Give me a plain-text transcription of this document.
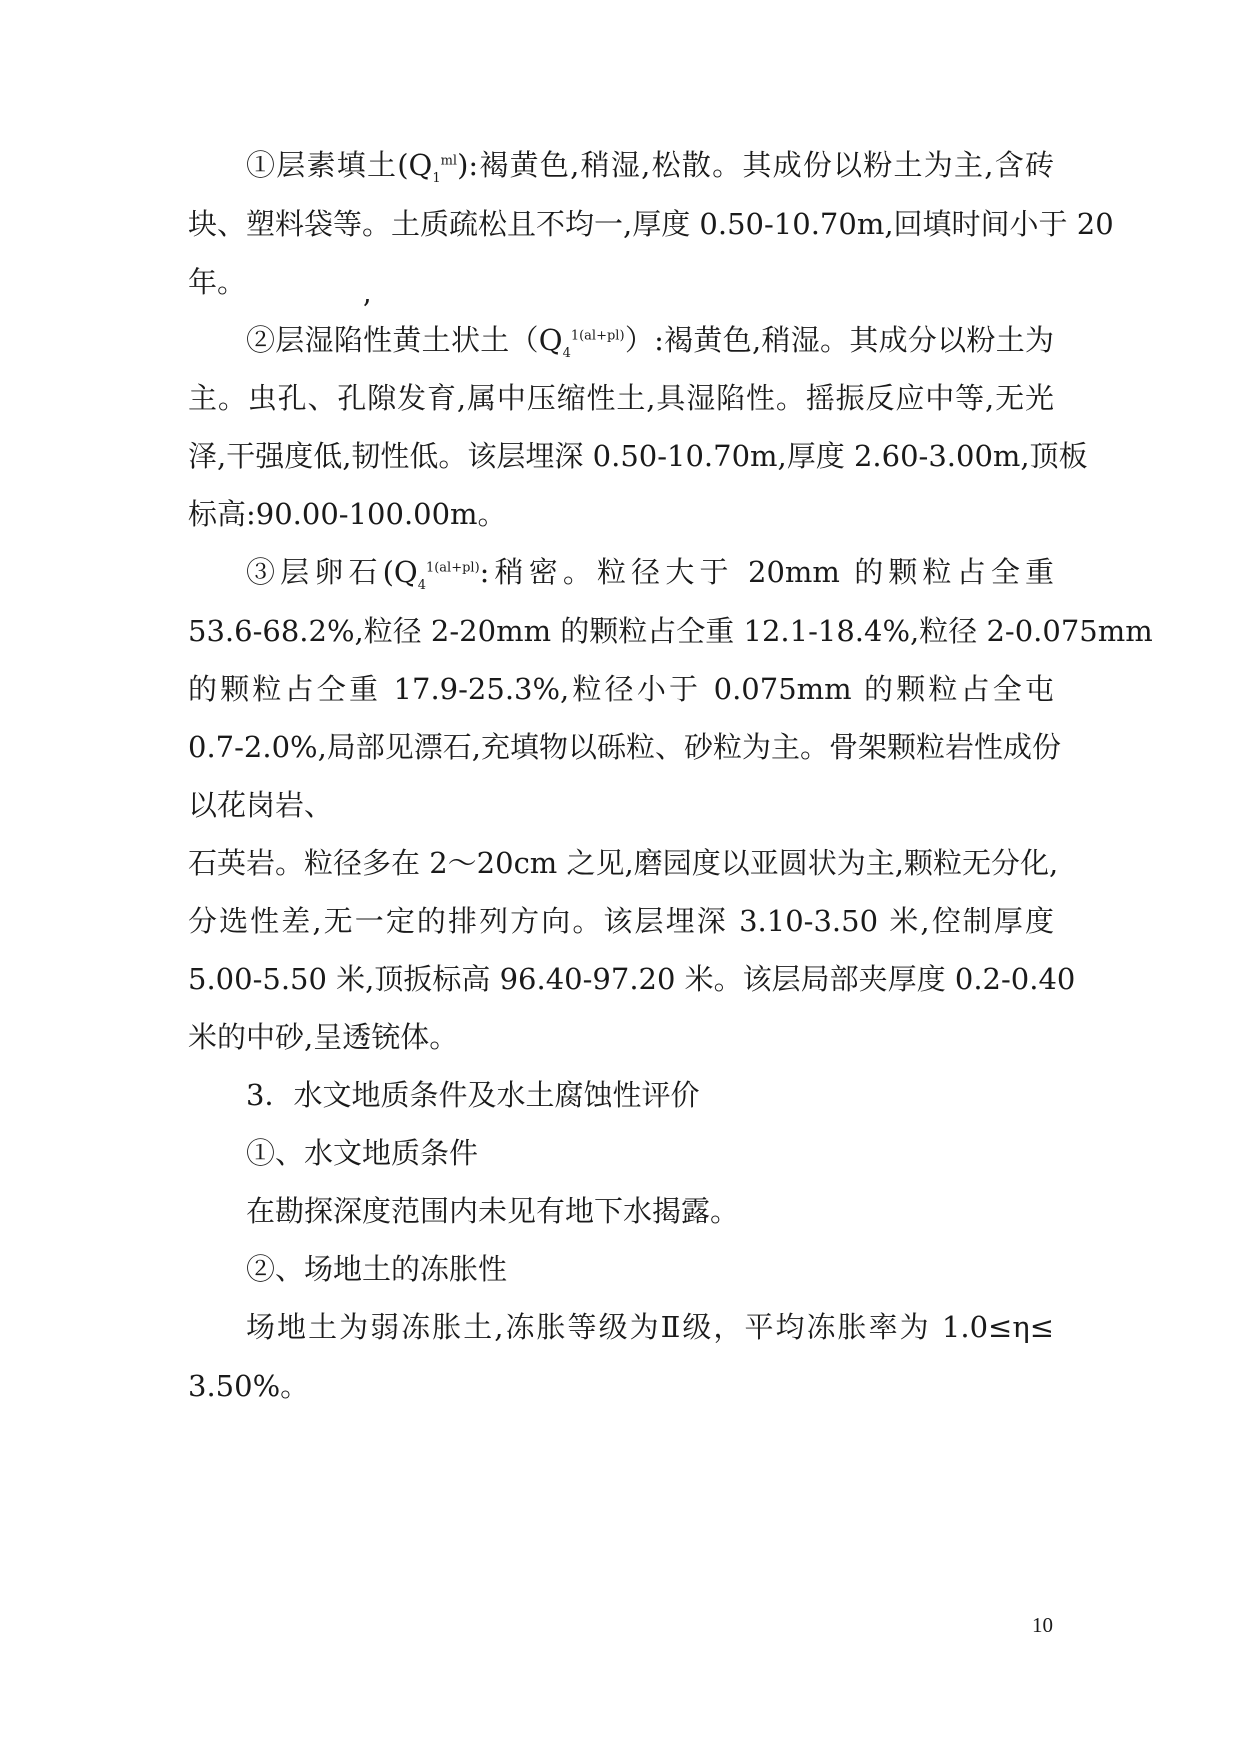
①层素填土$(Q_1^{ml})$:褐黄色,稍湿,松散。其成份以粉土为主,含砖
块、塑料袋等。土质疏松且不均一,厚度 0.50-10.70m,回填时间小于 20
年。
’
②层湿陷性黄土状土$(Q_4^{1(al+pl)})$:褐黄色,稍湿。其成分以粉土为
主。虫孔、孔隙发育,属中压缩性土,具湿陷性。摇振反应中等,无光
泽,干强度低,韧性低。该层埋深 0.50-10.70m,厚度 2.60-3.00m,顶板
标高:90.00-100.00m。
③层卵石($Q_4^{1(al+pl)}$:稍密。粒径大于 20mm 的颗粒占全重
53.6-68.2%,粒径 2-20mm 的颗粒占仝重 12.1-18.4%,粒径 2-0.075mm
的颗粒占仝重 17.9-25.3%,粒径小于 0.075mm 的颗粒占全屯
0.7-2.0%,局部见漂石,充填物以砾粒、砂粒为主。骨架颗粒岩性成份
以花岗岩、
石英岩。粒径多在 2～20cm 之见,磨园度以亚圆状为主,颗粒无分化,
分选性差,无一定的排列方向。该层埋深 3.10-3.50 米,倥制厚度
5.00-5.50 米,顶扳标高 96.40-97.20 米。该层局部夹厚度 0.2-0.40
米的中砂,呈透铳体。
3．水文地质条件及水土腐蚀性评价
①、水文地质条件
在勘探深度范围内未见有地下水揭露。
②、场地土的冻胀性
场地土为弱冻胀土,冻胀等级为Ⅱ级，平均冻胀率为 1.0≤η≤
3.50%。
10
